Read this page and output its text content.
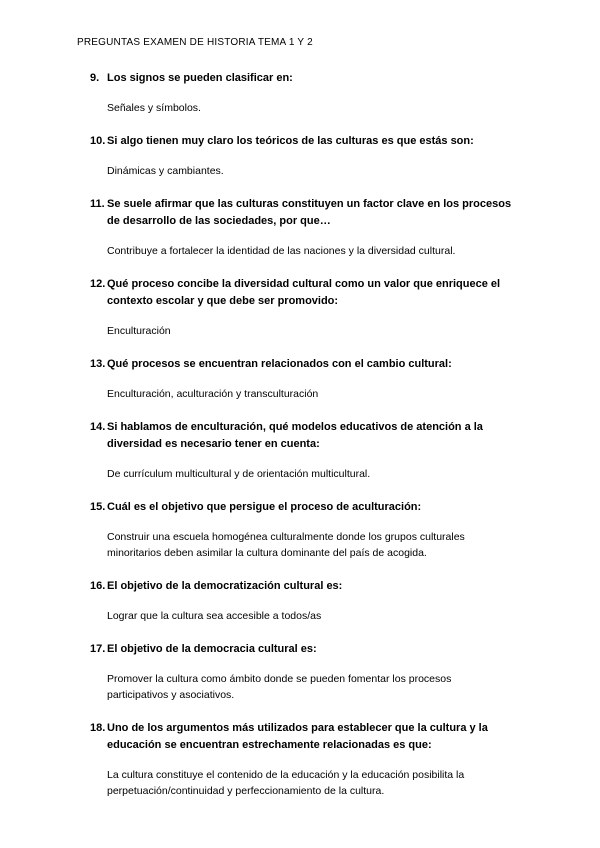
PREGUNTAS EXAMEN DE HISTORIA TEMA 1 Y 2
9. Los signos se pueden clasificar en:
Señales y símbolos.
10. Si algo tienen muy claro los teóricos de las culturas es que estás son:
Dinámicas y cambiantes.
11. Se suele afirmar que las culturas constituyen un factor clave en los procesos de desarrollo de las sociedades, por que…
Contribuye a fortalecer la identidad de las naciones y la diversidad cultural.
12. Qué proceso concibe la diversidad cultural como un valor que enriquece el contexto escolar y que debe ser promovido:
Enculturación
13. Qué procesos se encuentran relacionados con el cambio cultural:
Enculturación, aculturación y transculturación
14. Si hablamos de enculturación, qué modelos educativos de atención a la diversidad es necesario tener en cuenta:
De currículum multicultural y de orientación multicultural.
15. Cuál es el objetivo que persigue el proceso de aculturación:
Construir una escuela homogénea culturalmente donde los grupos culturales minoritarios deben asimilar la cultura dominante del país de acogida.
16. El objetivo de la democratización cultural es:
Lograr que la cultura sea accesible a todos/as
17. El objetivo de la democracia cultural es:
Promover la cultura como ámbito donde se pueden fomentar los procesos participativos y asociativos.
18. Uno de los argumentos más utilizados para establecer que la cultura y la educación se encuentran estrechamente relacionadas es que:
La cultura constituye el contenido de la educación y la educación posibilita la perpetuación/continuidad y perfeccionamiento de la cultura.
